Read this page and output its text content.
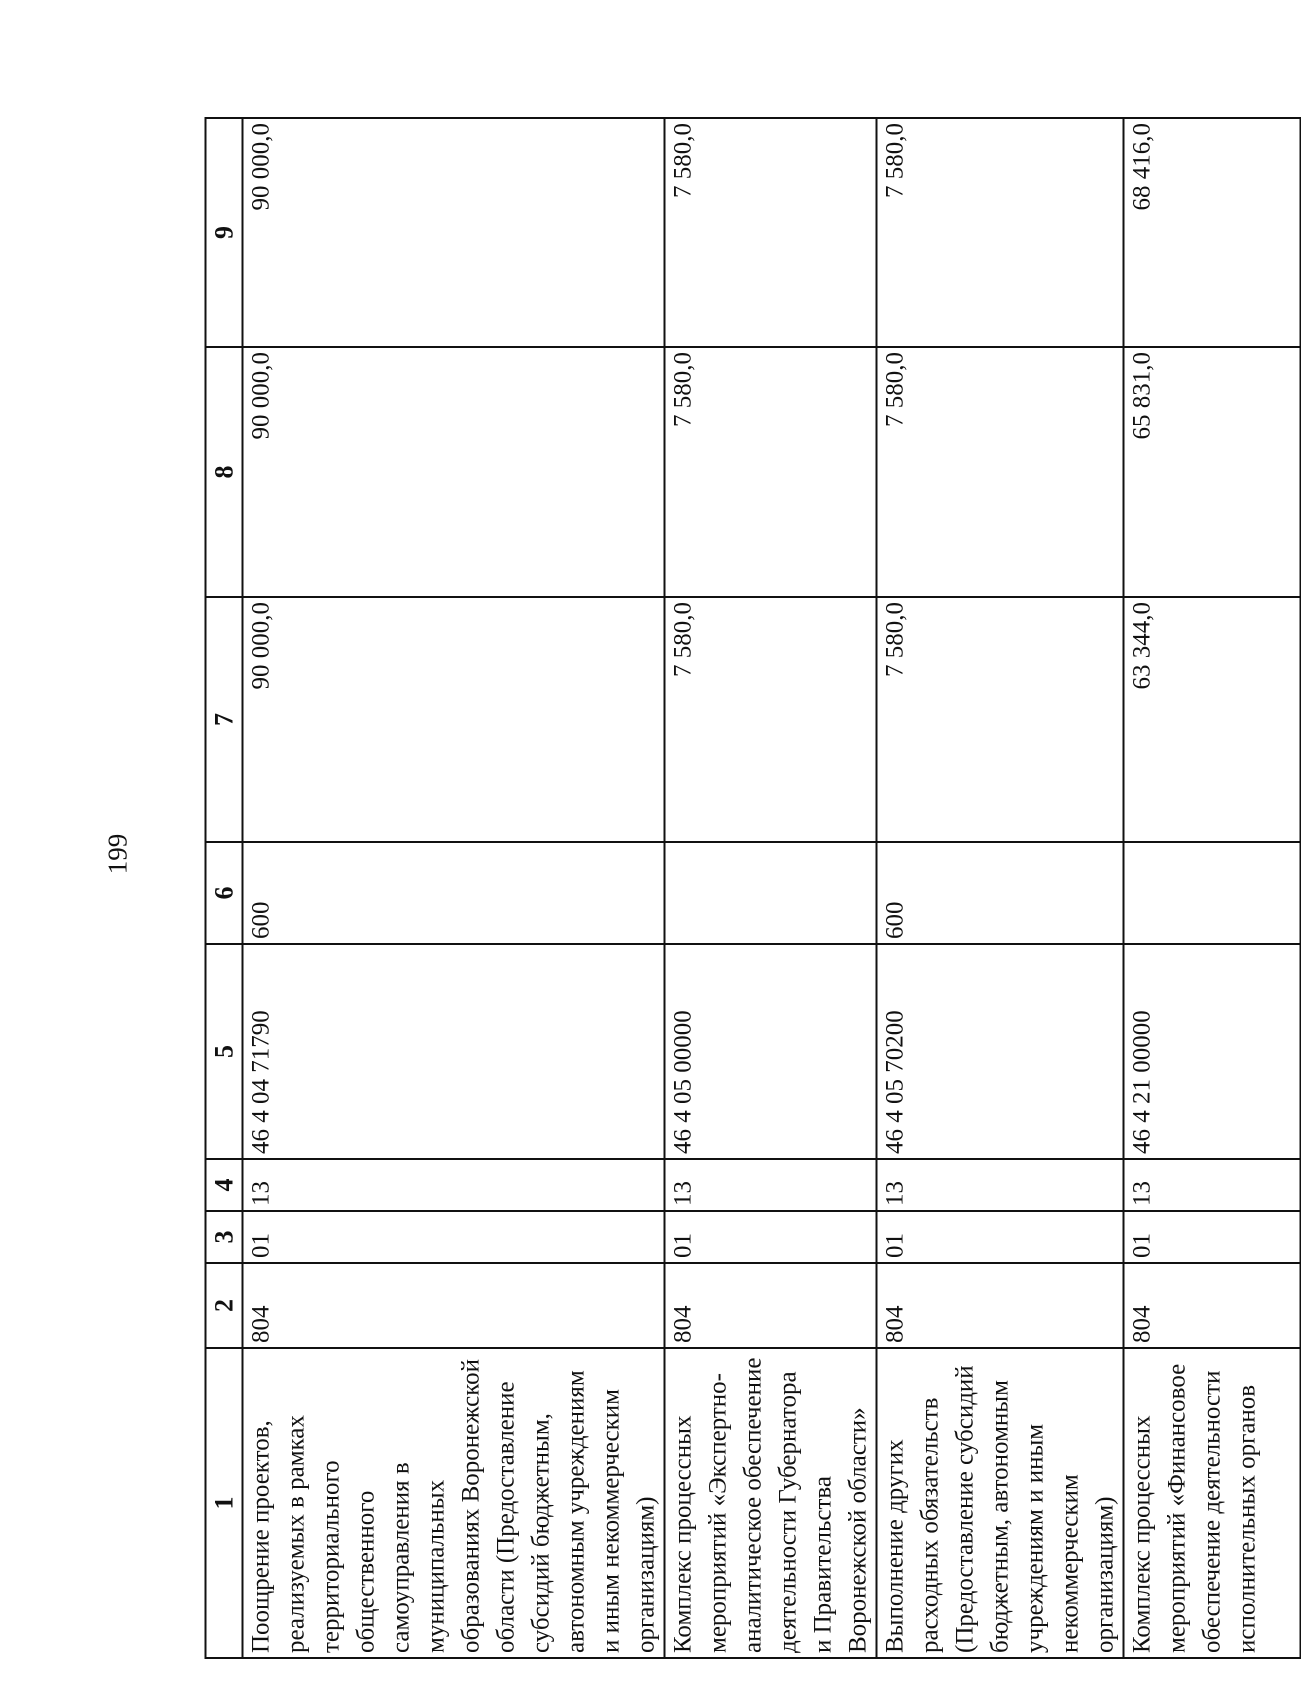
199
1	2	3	4	5	6	7	8	9
Поощрение проектов, реализуемых в рамках территориального общественного самоуправления в муниципальных образованиях Воронежской области (Предоставление субсидий бюджетным, автономным учреждениям и иным некоммерческим организациям)	804	01	13	46 4 04 71790	600	90 000,0	90 000,0	90 000,0
Комплекс процессных мероприятий «Экспертно-аналитическое обеспечение деятельности Губернатора и Правительства Воронежской области»	804	01	13	46 4 05 00000		7 580,0	7 580,0	7 580,0
Выполнение других расходных обязательств (Предоставление субсидий бюджетным, автономным учреждениям и иным некоммерческим организациям)	804	01	13	46 4 05 70200	600	7 580,0	7 580,0	7 580,0
Комплекс процессных мероприятий «Финансовое обеспечение деятельности исполнительных органов	804	01	13	46 4 21 00000		63 344,0	65 831,0	68 416,0
